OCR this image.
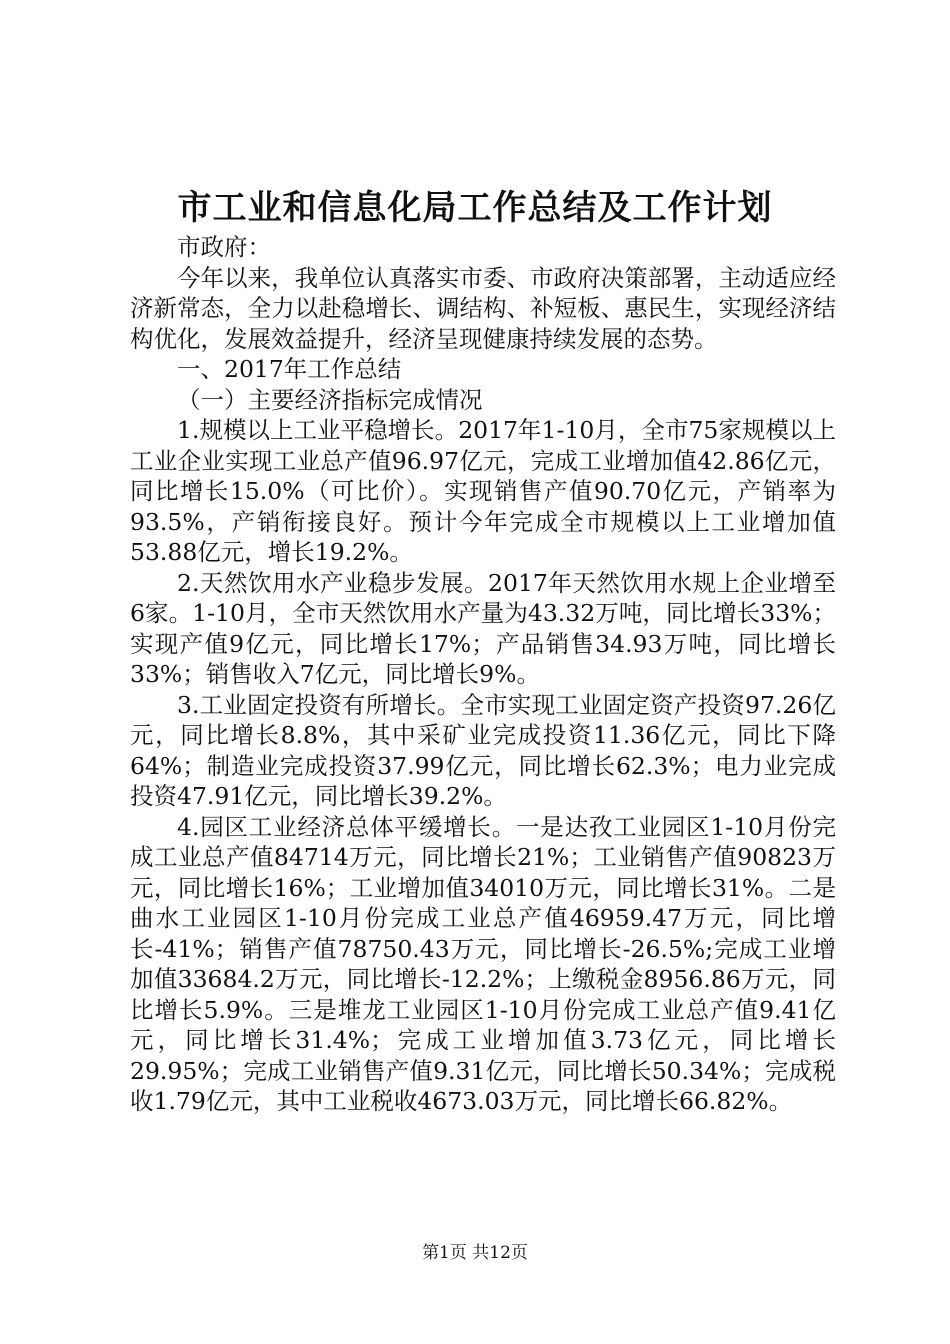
市工业和信息化局工作总结及工作计划

市政府：

今年以来，我单位认真落实市委、市政府决策部署，主动适应经济新常态，全力以赴稳增长、调结构、补短板、惠民生，实现经济结构优化，发展效益提升，经济呈现健康持续发展的态势。

一、2017年工作总结

（一）主要经济指标完成情况

1.规模以上工业平稳增长。2017年1-10月，全市75家规模以上工业企业实现工业总产值96.97亿元，完成工业增加值42.86亿元，同比增长15.0%（可比价）。实现销售产值90.70亿元，产销率为93.5%，产销衔接良好。预计今年完成全市规模以上工业增加值53.88亿元，增长19.2%。

2.天然饮用水产业稳步发展。2017年天然饮用水规上企业增至6家。1-10月，全市天然饮用水产量为43.32万吨，同比增长33%；实现产值9亿元，同比增长17%；产品销售34.93万吨，同比增长33%；销售收入7亿元，同比增长9%。

3.工业固定投资有所增长。全市实现工业固定资产投资97.26亿元，同比增长8.8%，其中采矿业完成投资11.36亿元，同比下降64%；制造业完成投资37.99亿元，同比增长62.3%；电力业完成投资47.91亿元，同比增长39.2%。

4.园区工业经济总体平缓增长。一是达孜工业园区1-10月份完成工业总产值84714万元，同比增长21%；工业销售产值90823万元，同比增长16%；工业增加值34010万元，同比增长31%。二是曲水工业园区1-10月份完成工业总产值46959.47万元，同比增长-41%；销售产值78750.43万元，同比增长-26.5%;完成工业增加值33684.2万元，同比增长-12.2%；上缴税金8956.86万元，同比增长5.9%。三是堆龙工业园区1-10月份完成工业总产值9.41亿元，同比增长31.4%；完成工业增加值3.73亿元，同比增长29.95%；完成工业销售产值9.31亿元，同比增长50.34%；完成税收1.79亿元，其中工业税收4673.03万元，同比增长66.82%。

第1页 共12页
